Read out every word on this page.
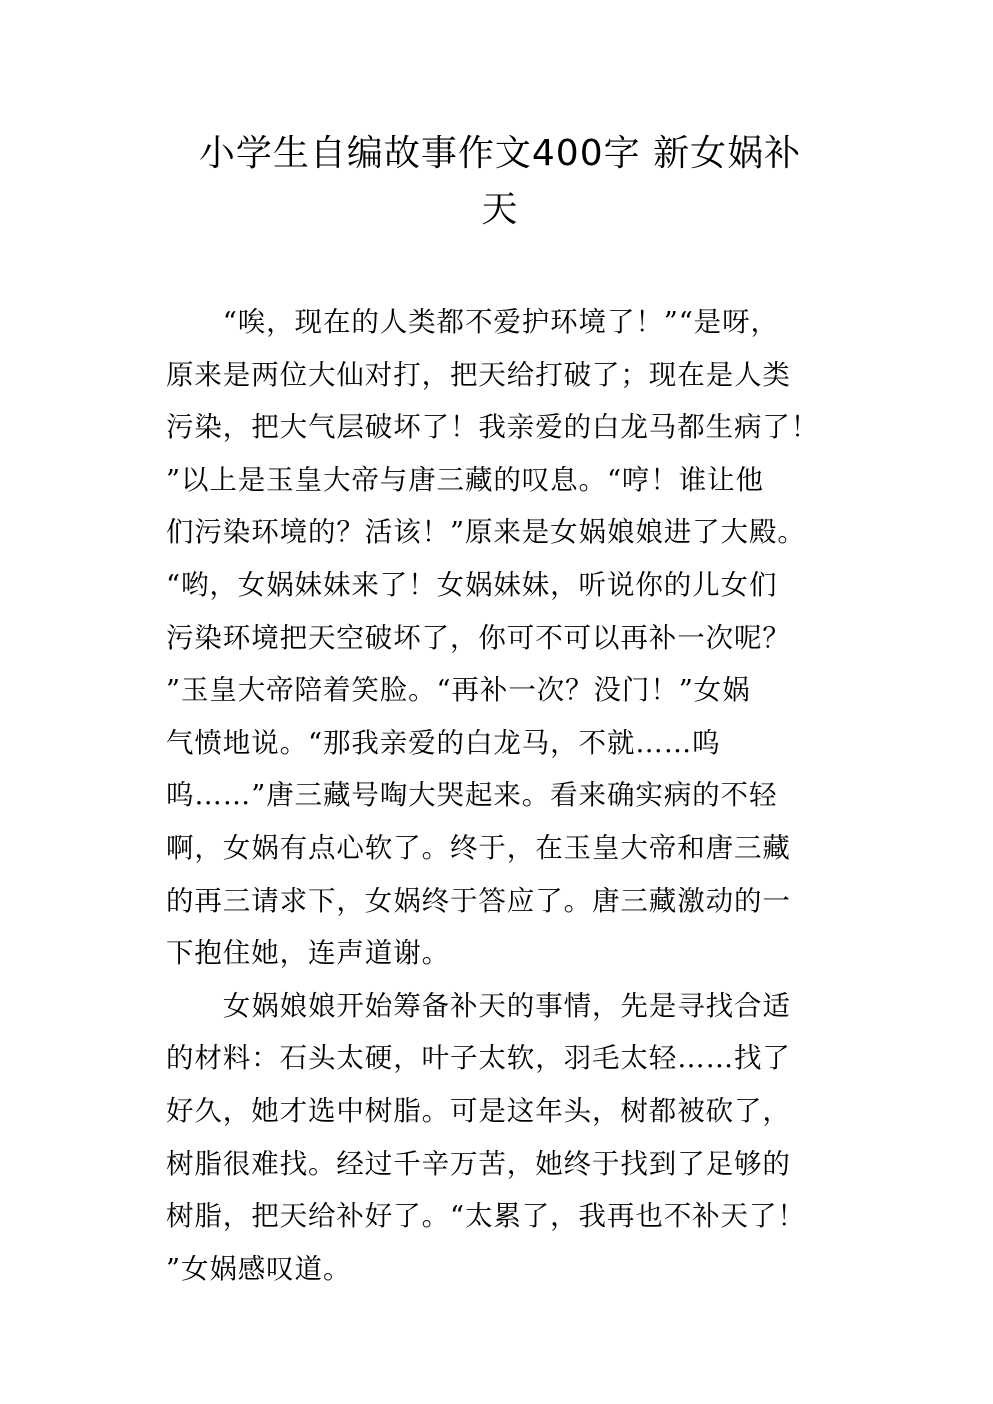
小学生自编故事作文400字 新女娲补
天
　　“唉，现在的人类都不爱护环境了！”“是呀，
原来是两位大仙对打，把天给打破了；现在是人类
污染，把大气层破坏了！我亲爱的白龙马都生病了！
”以上是玉皇大帝与唐三藏的叹息。“哼！谁让他
们污染环境的？活该！”原来是女娲娘娘进了大殿。
“哟，女娲妹妹来了！女娲妹妹，听说你的儿女们
污染环境把天空破坏了，你可不可以再补一次呢？
”玉皇大帝陪着笑脸。“再补一次？没门！”女娲
气愤地说。“那我亲爱的白龙马，不就……呜
呜……”唐三藏号啕大哭起来。看来确实病的不轻
啊，女娲有点心软了。终于，在玉皇大帝和唐三藏
的再三请求下，女娲终于答应了。唐三藏激动的一
下抱住她，连声道谢。
　　女娲娘娘开始筹备补天的事情，先是寻找合适
的材料：石头太硬，叶子太软，羽毛太轻……找了
好久，她才选中树脂。可是这年头，树都被砍了，
树脂很难找。经过千辛万苦，她终于找到了足够的
树脂，把天给补好了。“太累了，我再也不补天了！
”女娲感叹道。
